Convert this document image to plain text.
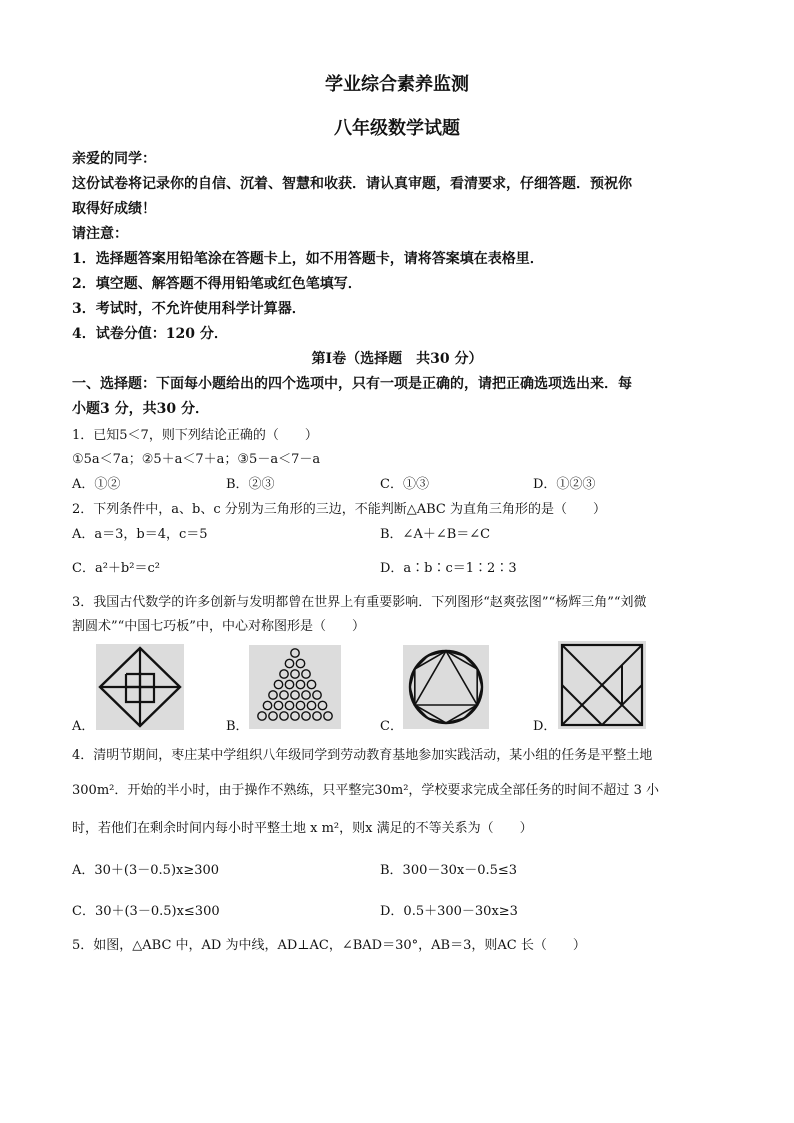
学业综合素养监测
八年级数学试题
亲爱的同学：
这份试卷将记录你的自信、沉着、智慧和收获．请认真审题，看清要求，仔细答题．预祝你
取得好成绩！
请注意：
1．选择题答案用铅笔涂在答题卡上，如不用答题卡，请将答案填在表格里．
2．填空题、解答题不得用铅笔或红色笔填写．
3．考试时，不允许使用科学计算器．
4．试卷分值：120 分．
第Ⅰ卷（选择题　共30 分）
一、选择题：下面每小题给出的四个选项中，只有一项是正确的，请把正确选项选出来．每
小题3 分，共30 分．
1．已知5＜7，则下列结论正确的（　　）
①5a＜7a；②5＋a＜7＋a；③5－a＜7－a
A．①②	B．②③	C．①③	D．①②③
2．下列条件中，a、b、c 分别为三角形的三边，不能判断△ABC 为直角三角形的是（　　）
A．a＝3，b＝4，c＝5	B．∠A＋∠B＝∠C
C．a²＋b²＝c²	D．a∶b∶c＝1∶2∶3
3．我国古代数学的许多创新与发明都曾在世界上有重要影响．下列图形“赵爽弦图”“杨辉三角”“刘微
割圆术”“中国七巧板”中，中心对称图形是（　　）
A．	B．	C．	D．
4．清明节期间，枣庄某中学组织八年级同学到劳动教育基地参加实践活动，某小组的任务是平整土地
300m²．开始的半小时，由于操作不熟练，只平整完30m²，学校要求完成全部任务的时间不超过 3 小
时，若他们在剩余时间内每小时平整土地 x m²，则x 满足的不等关系为（　　）
A．30＋(3－0.5)x≥300	B．300－30x－0.5≤3
C．30＋(3－0.5)x≤300	D．0.5＋300－30x≥3
5．如图，△ABC 中，AD 为中线，AD⊥AC，∠BAD＝30°，AB＝3，则AC 长（　　）
